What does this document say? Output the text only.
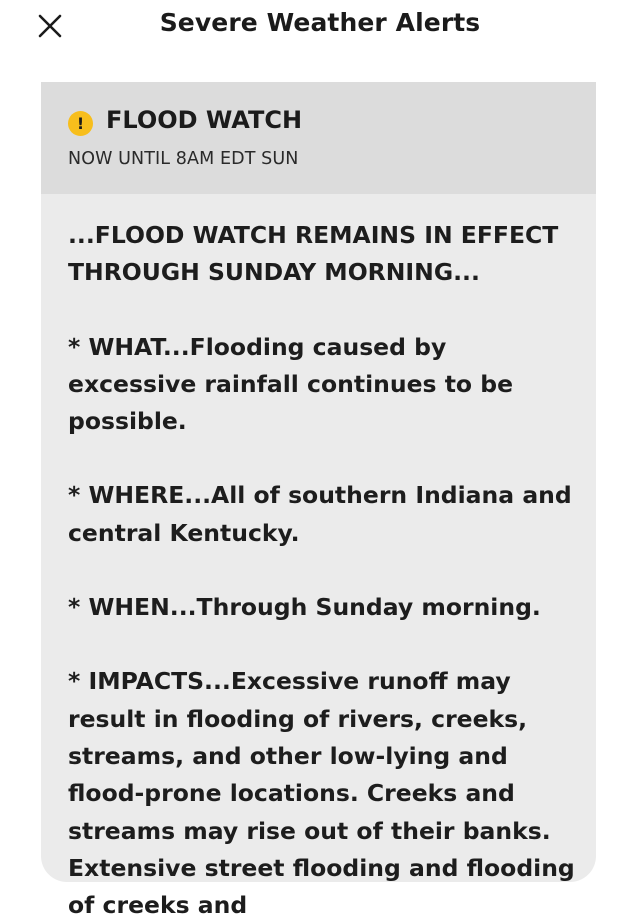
Severe Weather Alerts
! FLOOD WATCH
NOW UNTIL 8AM EDT SUN

...FLOOD WATCH REMAINS IN EFFECT THROUGH SUNDAY MORNING...

* WHAT...Flooding caused by excessive rainfall continues to be possible.

* WHERE...All of southern Indiana and central Kentucky.

* WHEN...Through Sunday morning.

* IMPACTS...Excessive runoff may result in flooding of rivers, creeks, streams, and other low-lying and flood-prone locations. Creeks and streams may rise out of their banks. Extensive street flooding and flooding of creeks and
